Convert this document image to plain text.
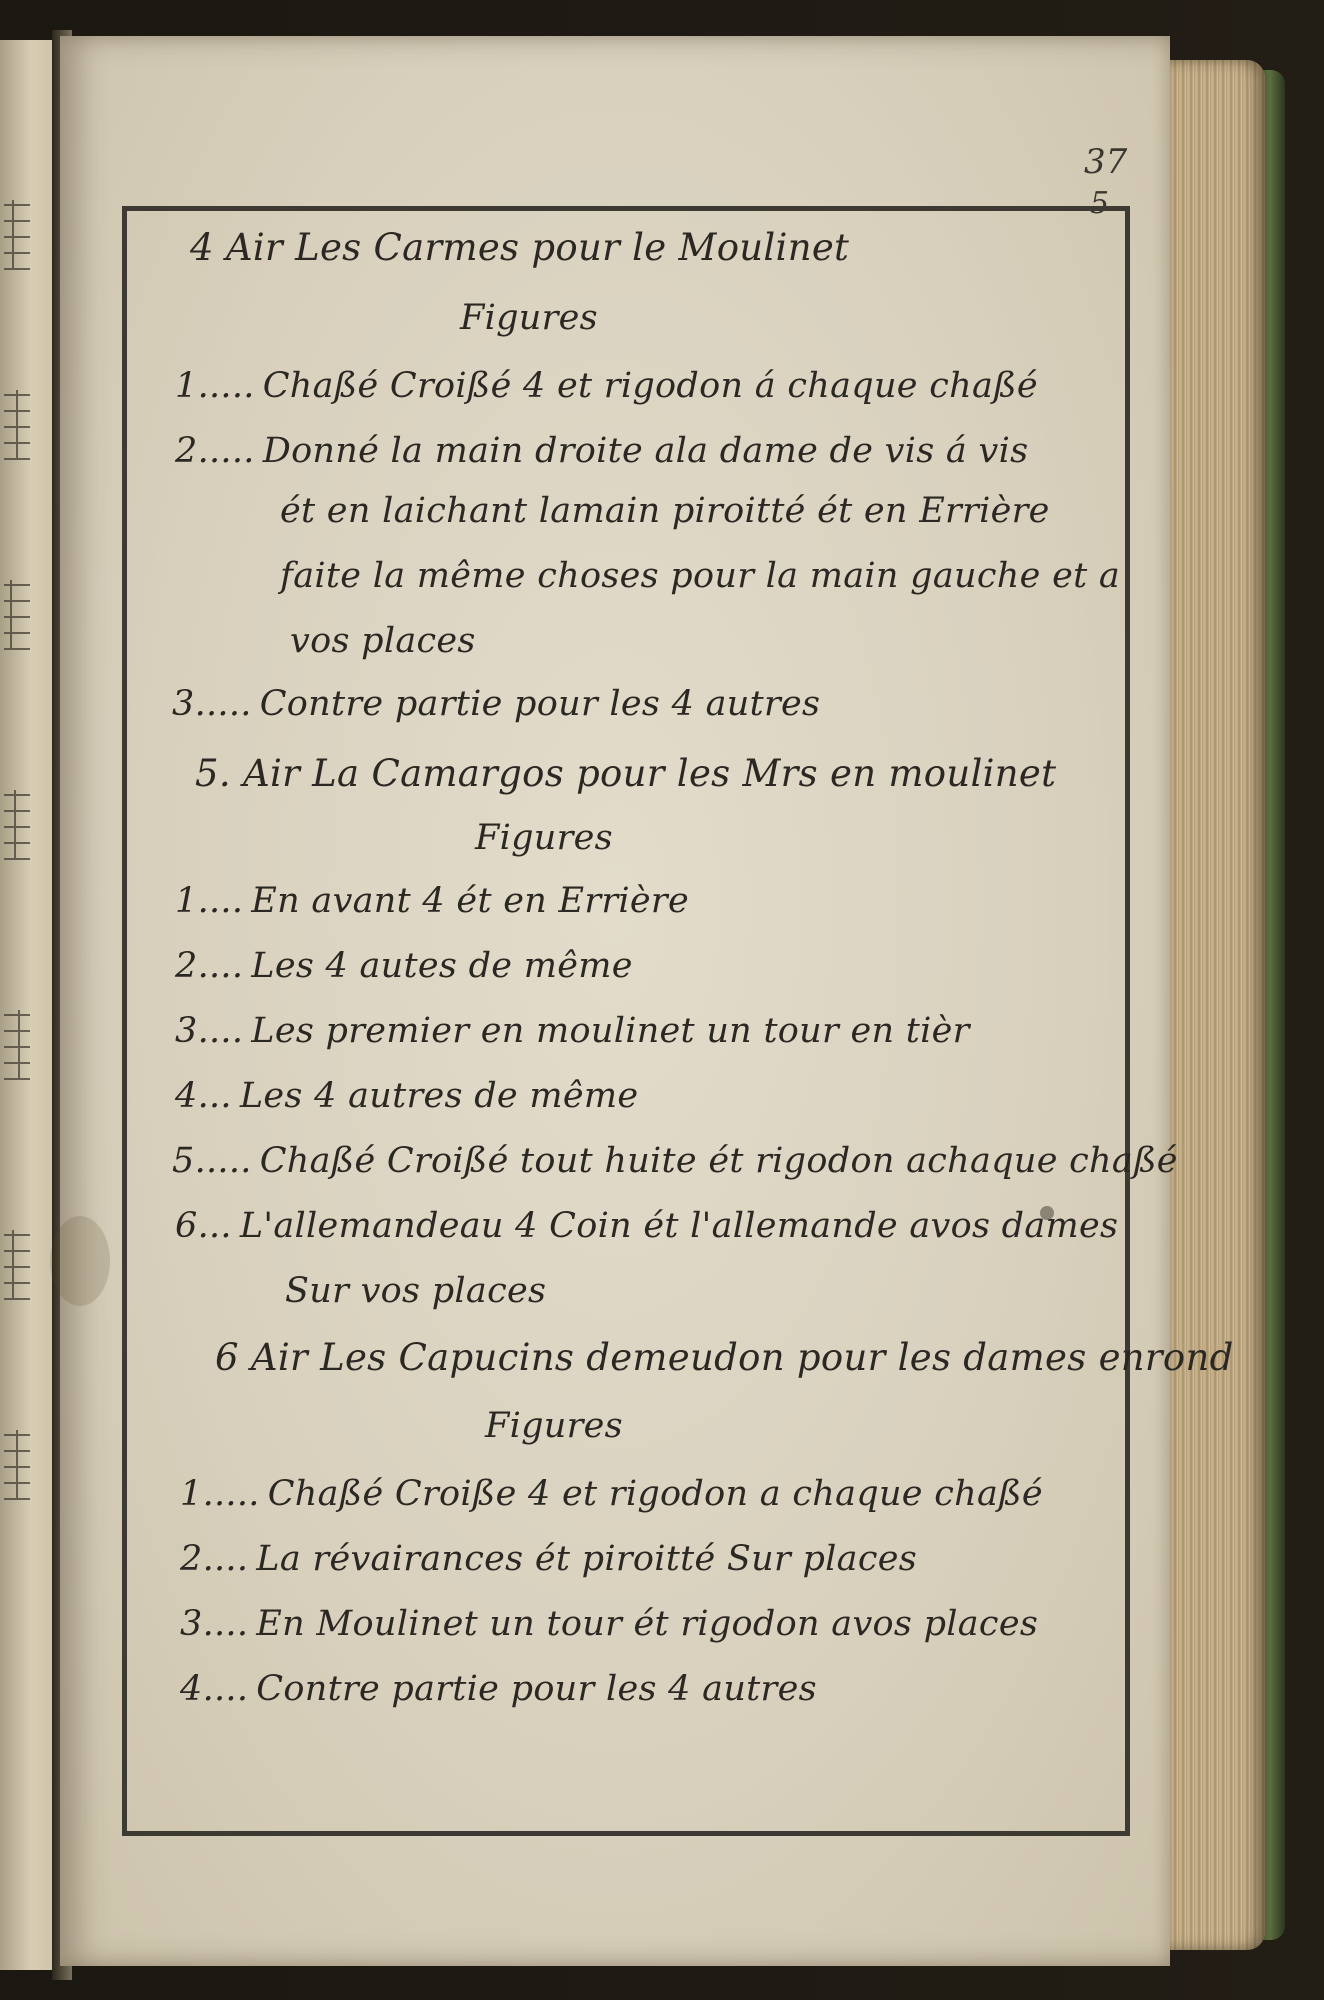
37
5
4 Air Les Carmes pour le Moulinet
Figures
1..... Chaßé Croißé 4 et rigodon á chaque chaßé
2..... Donné la main droite ala dame de vis á vis
ét en laichant lamain piroitté ét en Errière
faite la même choses pour la main gauche et a
vos places
3..... Contre partie pour les 4 autres
5. Air La Camargos pour les Mrs en moulinet
Figures
1.... En avant 4 ét en Errière
2.... Les 4 autes de même
3.... Les premier en moulinet un tour en tièr
4... Les 4 autres de même
5..... Chaßé Croißé tout huite ét rigodon achaque chaßé
6... L'allemandeau 4 Coin ét l'allemande avos dames
Sur vos places
6 Air Les Capucins demeudon pour les dames enrond
Figures
1..... Chaßé Croiße 4 et rigodon a chaque chaßé
2.... La révairances ét piroitté Sur places
3.... En Moulinet un tour ét rigodon avos places
4.... Contre partie pour les 4 autres
